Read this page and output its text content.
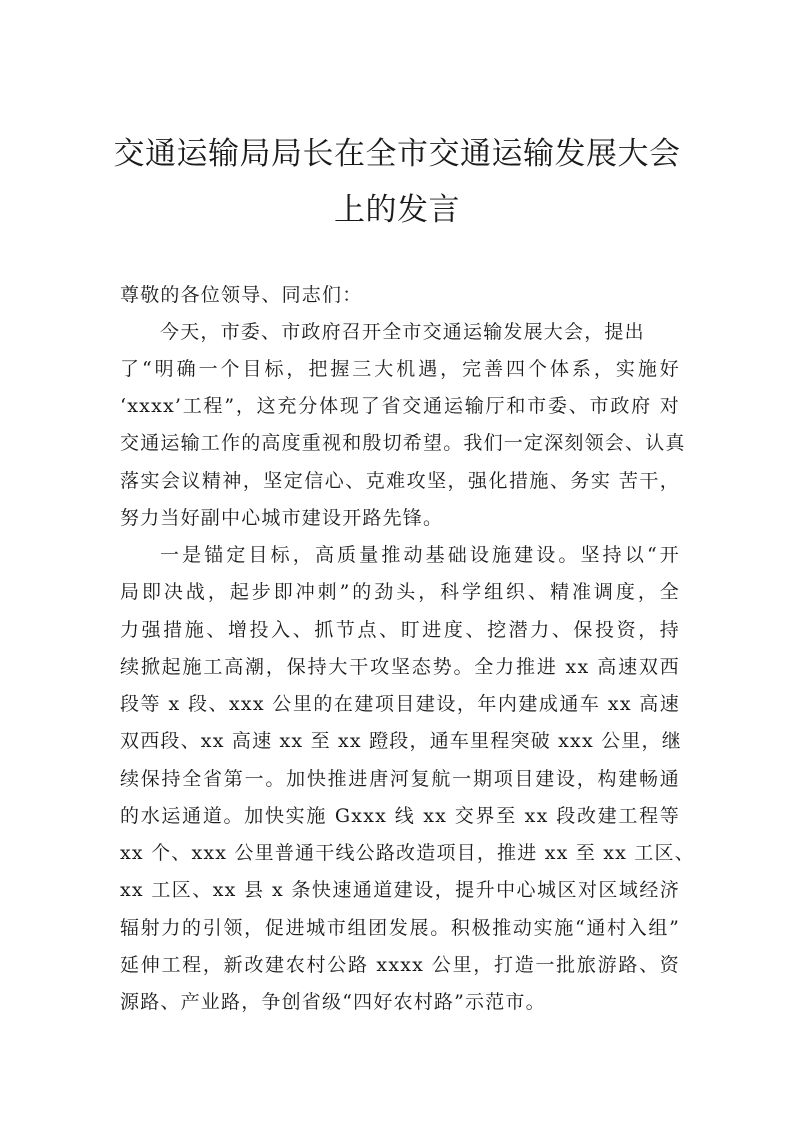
交通运输局局长在全市交通运输发展大会
上的发言
尊敬的各位领导、同志们：
今天，市委、市政府召开全市交通运输发展大会，提出
了“明确一个目标，把握三大机遇，完善四个体系，实施好
‘xxxx’工程”，这充分体现了省交通运输厅和市委、市政府 对
交通运输工作的高度重视和殷切希望。我们一定深刻领会、认真
落实会议精神，坚定信心、克难攻坚，强化措施、务实 苦干，
努力当好副中心城市建设开路先锋。
一是锚定目标，高质量推动基础设施建设。坚持以“开
局即决战，起步即冲刺”的劲头，科学组织、精准调度，全
力强措施、增投入、抓节点、盯进度、挖潜力、保投资，持
续掀起施工高潮，保持大干攻坚态势。全力推进 xx 高速双西
段等 x 段、xxx 公里的在建项目建设，年内建成通车 xx 高速
双西段、xx 高速 xx 至 xx 蹬段，通车里程突破 xxx 公里，继
续保持全省第一。加快推进唐河复航一期项目建设，构建畅通
的水运通道。加快实施 Gxxx 线 xx 交界至 xx 段改建工程等
xx 个、xxx 公里普通干线公路改造项目，推进 xx 至 xx 工区、
xx 工区、xx 县 x 条快速通道建设，提升中心城区对区域经济
辐射力的引领，促进城市组团发展。积极推动实施“通村入组”
延伸工程，新改建农村公路 xxxx 公里，打造一批旅游路、资
源路、产业路，争创省级“四好农村路”示范市。
